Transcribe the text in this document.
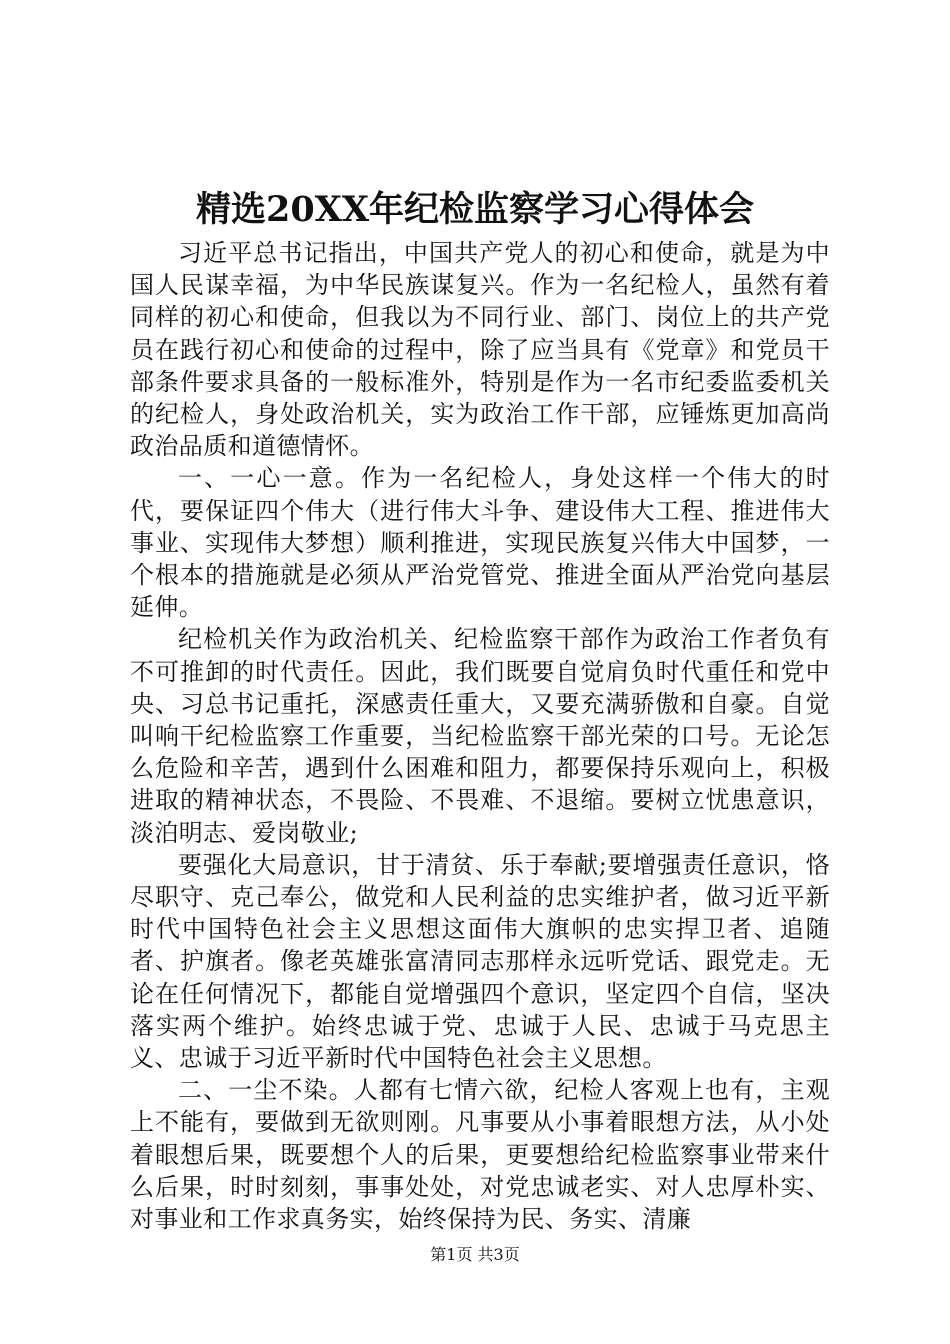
精选20XX年纪检监察学习心得体会

习近平总书记指出，中国共产党人的初心和使命，就是为中国人民谋幸福，为中华民族谋复兴。作为一名纪检人，虽然有着同样的初心和使命，但我以为不同行业、部门、岗位上的共产党员在践行初心和使命的过程中，除了应当具有《党章》和党员干部条件要求具备的一般标准外，特别是作为一名市纪委监委机关的纪检人，身处政治机关，实为政治工作干部，应锤炼更加高尚政治品质和道德情怀。

一、一心一意。作为一名纪检人，身处这样一个伟大的时代，要保证四个伟大（进行伟大斗争、建设伟大工程、推进伟大事业、实现伟大梦想）顺利推进，实现民族复兴伟大中国梦，一个根本的措施就是必须从严治党管党、推进全面从严治党向基层延伸。

纪检机关作为政治机关、纪检监察干部作为政治工作者负有不可推卸的时代责任。因此，我们既要自觉肩负时代重任和党中央、习总书记重托，深感责任重大，又要充满骄傲和自豪。自觉叫响干纪检监察工作重要，当纪检监察干部光荣的口号。无论怎么危险和辛苦，遇到什么困难和阻力，都要保持乐观向上，积极进取的精神状态，不畏险、不畏难、不退缩。要树立忧患意识，淡泊明志、爱岗敬业;

要强化大局意识，甘于清贫、乐于奉献;要增强责任意识，恪尽职守、克己奉公，做党和人民利益的忠实维护者，做习近平新时代中国特色社会主义思想这面伟大旗帜的忠实捍卫者、追随者、护旗者。像老英雄张富清同志那样永远听党话、跟党走。无论在任何情况下，都能自觉增强四个意识，坚定四个自信，坚决落实两个维护。始终忠诚于党、忠诚于人民、忠诚于马克思主义、忠诚于习近平新时代中国特色社会主义思想。

二、一尘不染。人都有七情六欲，纪检人客观上也有，主观上不能有，要做到无欲则刚。凡事要从小事着眼想方法，从小处着眼想后果，既要想个人的后果，更要想给纪检监察事业带来什么后果，时时刻刻，事事处处，对党忠诚老实、对人忠厚朴实、对事业和工作求真务实，始终保持为民、务实、清廉

第1页 共3页
